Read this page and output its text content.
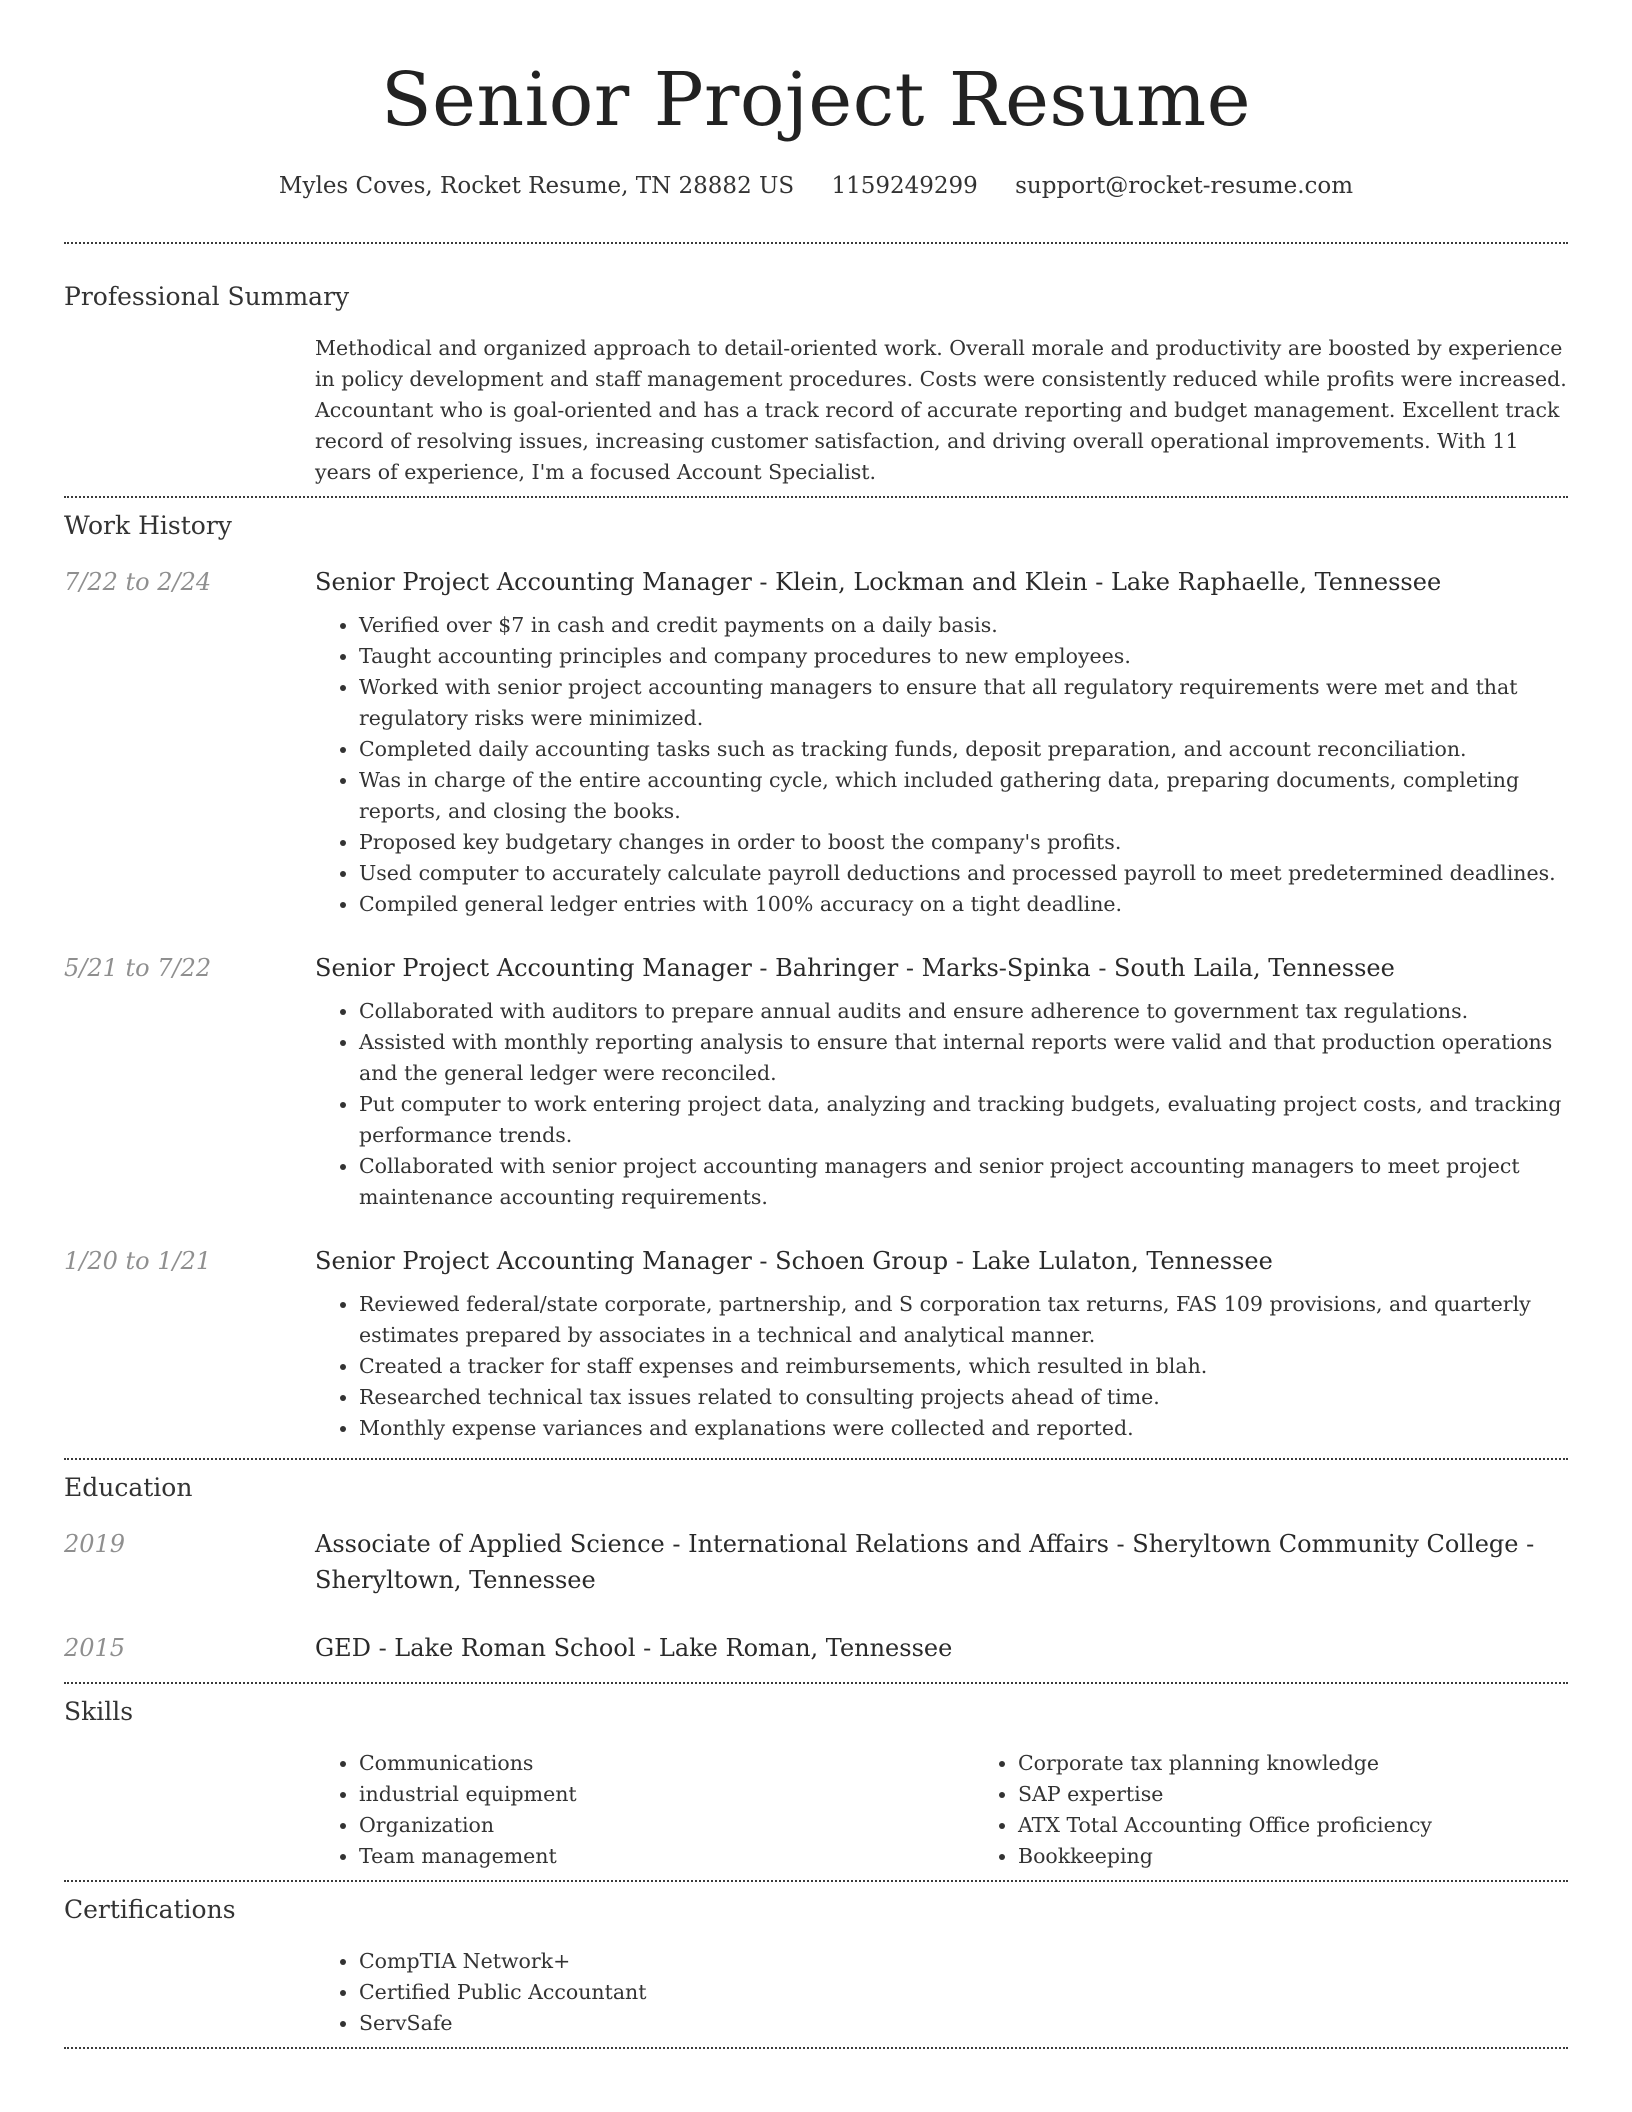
Senior Project Resume
Myles Coves, Rocket Resume, TN 28882 US 1159249299 support@rocket-resume.com
Professional Summary

Methodical and organized approach to detail-oriented work. Overall morale and productivity are boosted by experience in policy development and staff management procedures. Costs were consistently reduced while profits were increased. Accountant who is goal-oriented and has a track record of accurate reporting and budget management. Excellent track record of resolving issues, increasing customer satisfaction, and driving overall operational improvements. With 11 years of experience, I'm a focused Account Specialist.

Work History
7/22 to 2/24	Senior Project Accounting Manager - Klein, Lockman and Klein - Lake Raphaelle, Tennessee
• Verified over $7 in cash and credit payments on a daily basis.
• Taught accounting principles and company procedures to new employees.
• Worked with senior project accounting managers to ensure that all regulatory requirements were met and that regulatory risks were minimized.
• Completed daily accounting tasks such as tracking funds, deposit preparation, and account reconciliation.
• Was in charge of the entire accounting cycle, which included gathering data, preparing documents, completing reports, and closing the books.
• Proposed key budgetary changes in order to boost the company's profits.
• Used computer to accurately calculate payroll deductions and processed payroll to meet predetermined deadlines.
• Compiled general ledger entries with 100% accuracy on a tight deadline.
5/21 to 7/22	Senior Project Accounting Manager - Bahringer - Marks-Spinka - South Laila, Tennessee
• Collaborated with auditors to prepare annual audits and ensure adherence to government tax regulations.
• Assisted with monthly reporting analysis to ensure that internal reports were valid and that production operations and the general ledger were reconciled.
• Put computer to work entering project data, analyzing and tracking budgets, evaluating project costs, and tracking performance trends.
• Collaborated with senior project accounting managers and senior project accounting managers to meet project maintenance accounting requirements.
1/20 to 1/21	Senior Project Accounting Manager - Schoen Group - Lake Lulaton, Tennessee
• Reviewed federal/state corporate, partnership, and S corporation tax returns, FAS 109 provisions, and quarterly estimates prepared by associates in a technical and analytical manner.
• Created a tracker for staff expenses and reimbursements, which resulted in blah.
• Researched technical tax issues related to consulting projects ahead of time.
• Monthly expense variances and explanations were collected and reported.
Education
2019	Associate of Applied Science - International Relations and Affairs - Sheryltown Community College - Sheryltown, Tennessee
2015	GED - Lake Roman School - Lake Roman, Tennessee
Skills
• Communications
• industrial equipment
• Organization
• Team management
• Corporate tax planning knowledge
• SAP expertise
• ATX Total Accounting Office proficiency
• Bookkeeping
Certifications
• CompTIA Network+
• Certified Public Accountant
• ServSafe
